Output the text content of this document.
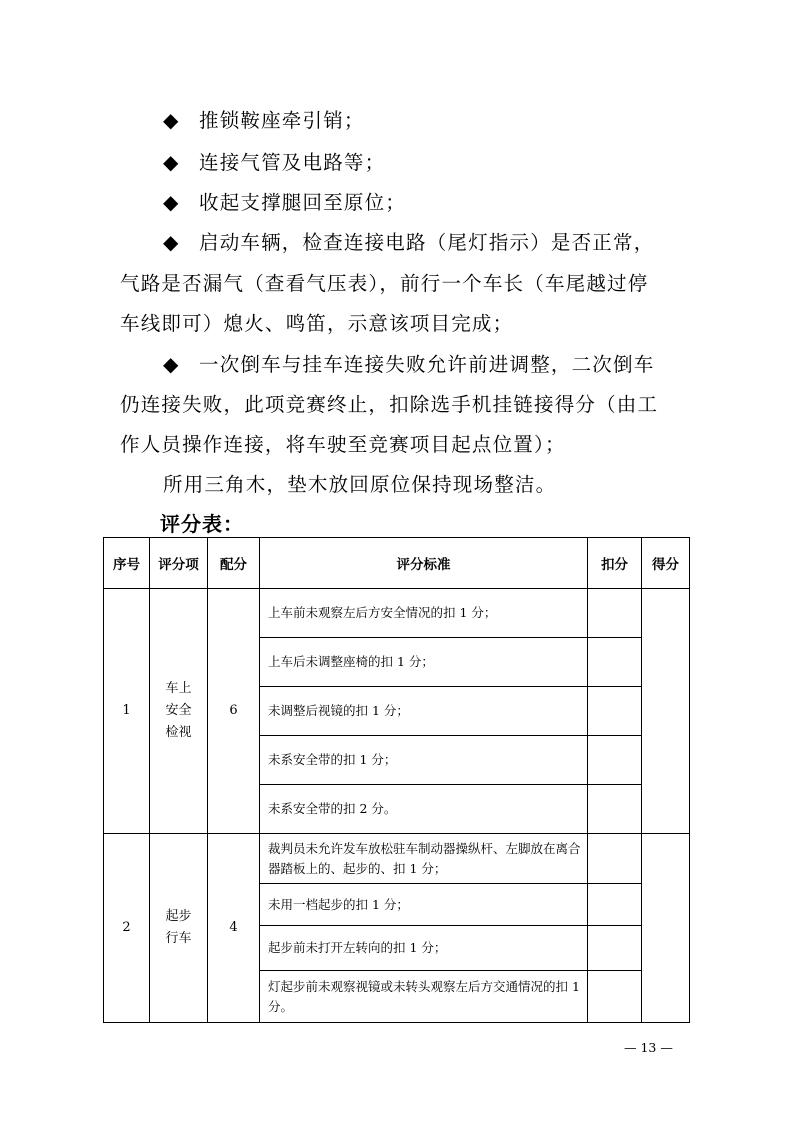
◆ 推锁鞍座牵引销；
◆ 连接气管及电路等；
◆ 收起支撑腿回至原位；
◆ 启动车辆，检查连接电路（尾灯指示）是否正常，
气路是否漏气（查看气压表），前行一个车长（车尾越过停
车线即可）熄火、鸣笛，示意该项目完成；
◆ 一次倒车与挂车连接失败允许前进调整，二次倒车
仍连接失败，此项竞赛终止，扣除选手机挂链接得分（由工
作人员操作连接，将车驶至竞赛项目起点位置）；
所用三角木，垫木放回原位保持现场整洁。
评分表：
序号	评分项	配分	评分标准	扣分	得分
1	车上安全检视	6	上车前未观察左后方安全情况的扣 1 分；		
			上车后未调整座椅的扣 1 分；		
			未调整后视镜的扣 1 分；		
			未系安全带的扣 1 分；		
			未系安全带的扣 2 分。		
2	起步行车	4	裁判员未允许发车放松驻车制动器操纵杆、左脚放在离合器踏板上的、起步的、扣 1 分；		
			未用一档起步的扣 1 分；		
			起步前未打开左转向的扣 1 分；		
			灯起步前未观察视镜或未转头观察左后方交通情况的扣 1 分。		
— 13 —
